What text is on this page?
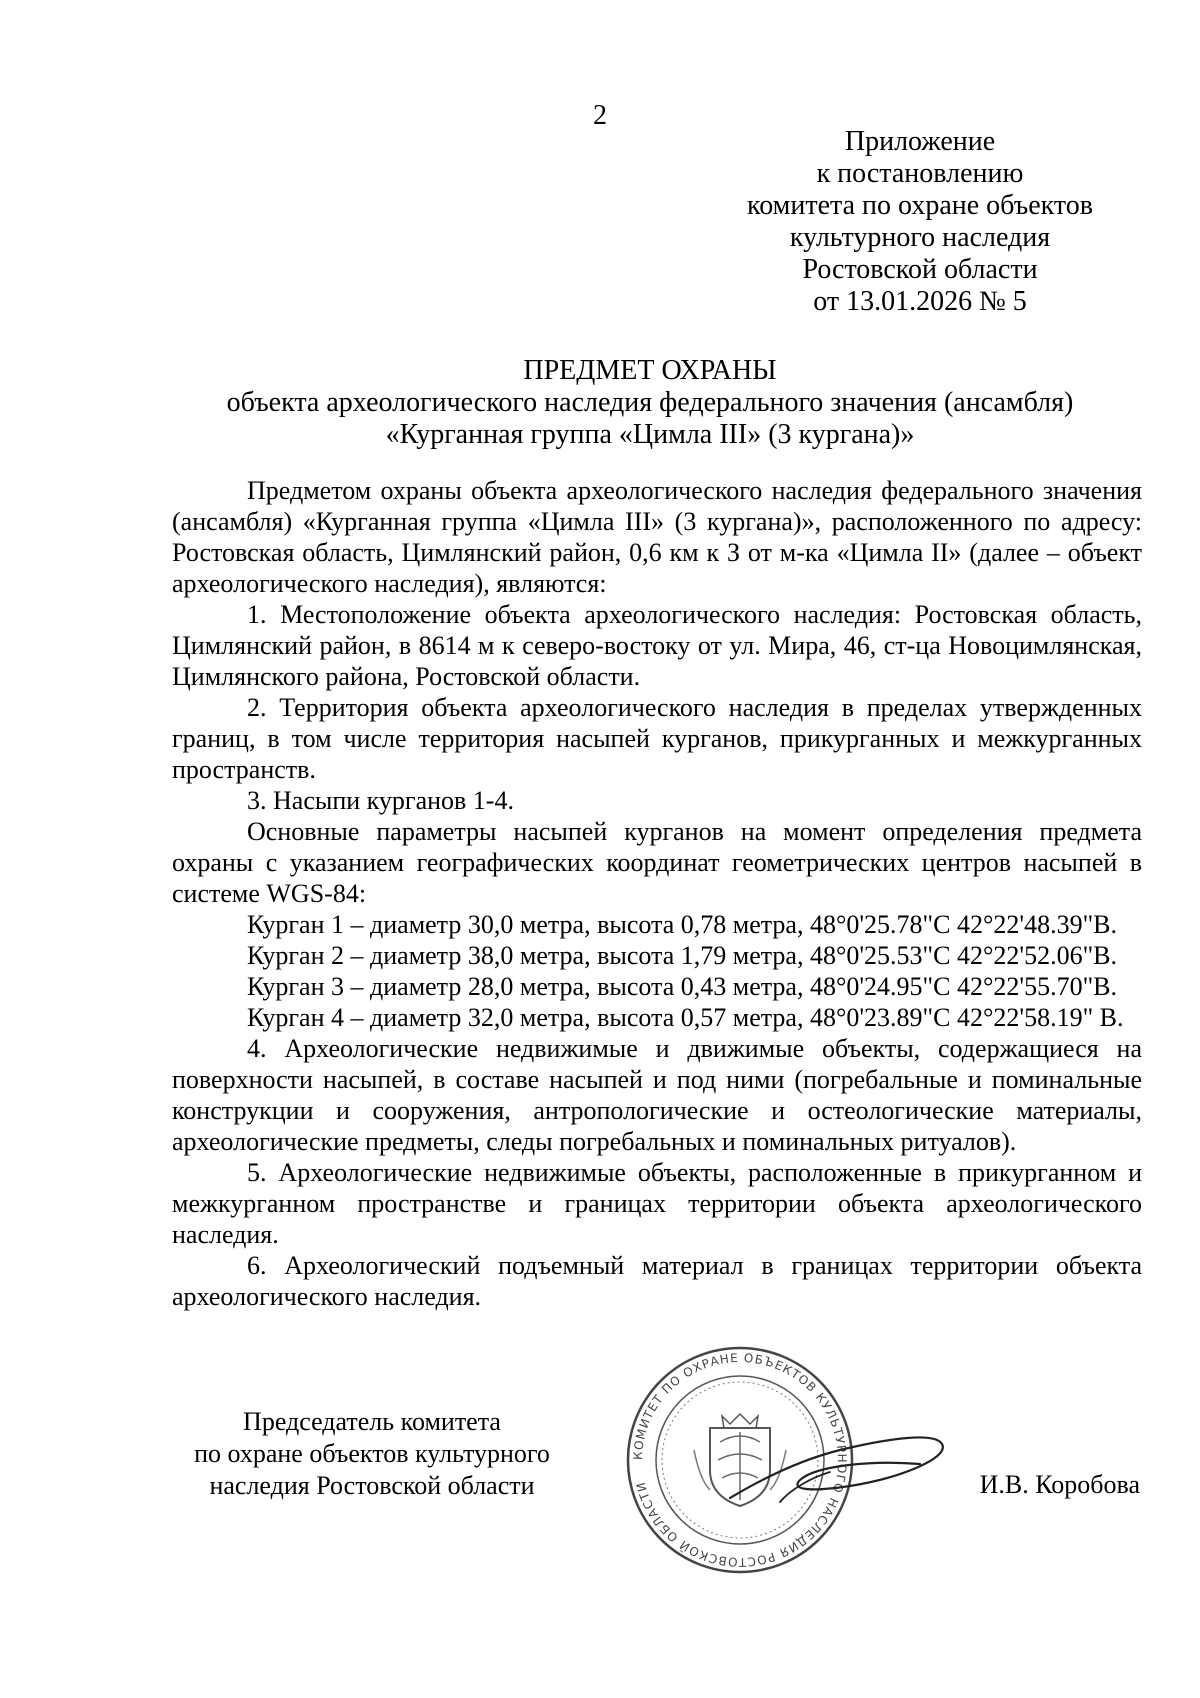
2
Приложение
к постановлению
комитета по охране объектов
культурного наследия
Ростовской области
от 13.01.2026 № 5
ПРЕДМЕТ ОХРАНЫ
объекта археологического наследия федерального значения (ансамбля)
«Курганная группа «Цимла III» (3 кургана)»

Предметом охраны объекта археологического наследия федерального значения (ансамбля) «Курганная группа «Цимла III» (3 кургана)», расположенного по адресу: Ростовская область, Цимлянский район, 0,6 км к З от м-ка «Цимла II» (далее – объект археологического наследия), являются:

1. Местоположение объекта археологического наследия: Ростовская область, Цимлянский район, в 8614 м к северо-востоку от ул. Мира, 46, ст-ца Новоцимлянская, Цимлянского района, Ростовской области.

2. Территория объекта археологического наследия в пределах утвержденных границ, в том числе территория насыпей курганов, прикурганных и межкурганных пространств.

3. Насыпи курганов 1-4.

Основные параметры насыпей курганов на момент определения предмета охраны с указанием географических координат геометрических центров насыпей в системе WGS-84:

Курган 1 – диаметр 30,0 метра, высота 0,78 метра, 48°0'25.78"С 42°22'48.39"В.

Курган 2 – диаметр 38,0 метра, высота 1,79 метра, 48°0'25.53"С 42°22'52.06"В.

Курган 3 – диаметр 28,0 метра, высота 0,43 метра, 48°0'24.95"С 42°22'55.70"В.

Курган 4 – диаметр 32,0 метра, высота 0,57 метра, 48°0'23.89"С 42°22'58.19" В.

4. Археологические недвижимые и движимые объекты, содержащиеся на поверхности насыпей, в составе насыпей и под ними (погребальные и поминальные конструкции и сооружения, антропологические и остеологические материалы, археологические предметы, следы погребальных и поминальных ритуалов).

5. Археологические недвижимые объекты, расположенные в прикурганном и межкурганном пространстве и границах территории объекта археологического наследия.

6. Археологический подъемный материал в границах территории объекта археологического наследия.

Председатель комитета
по охране объектов культурного
наследия Ростовской области
КОМИТЕТ ПО ОХРАНЕ ОБЪЕКТОВ КУЛЬТУРНОГО НАСЛЕДИЯ РОСТОВСКОЙ ОБЛАСТИ	И.В. Коробова
